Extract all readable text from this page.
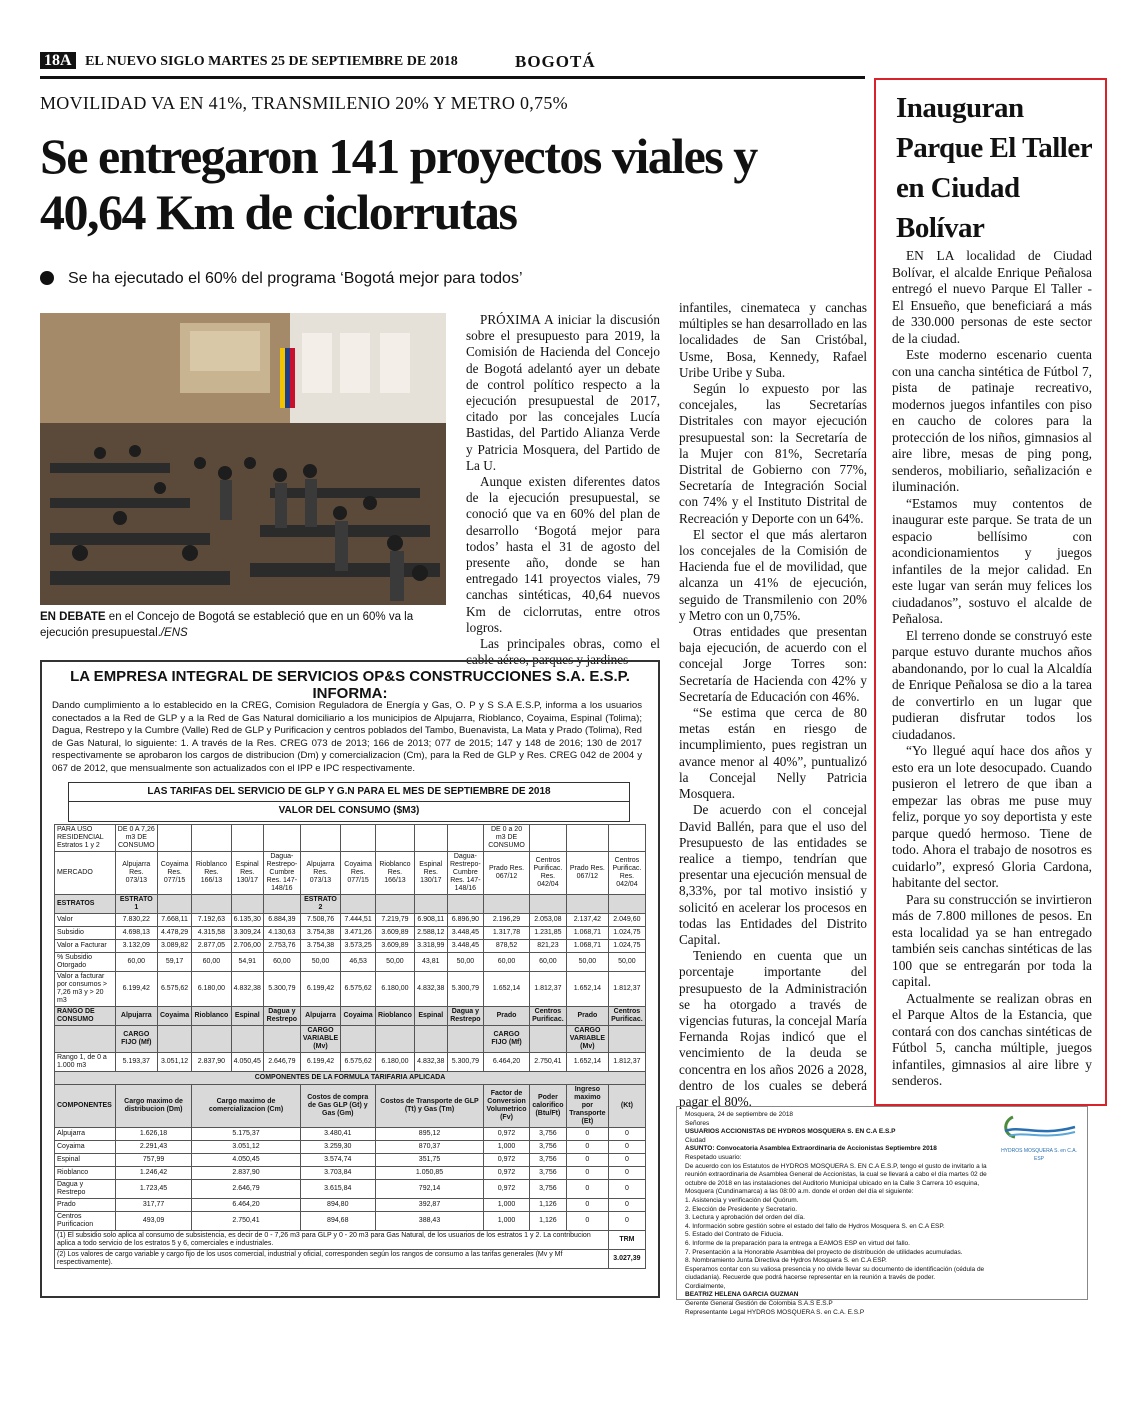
18A EL NUEVO SIGLO MARTES 25 DE SEPTIEMBRE DE 2018	BOGOTÁ
MOVILIDAD VA EN 41%, TRANSMILENIO 20% Y METRO 0,75%
Se entregaron 141 proyectos viales y 40,64 Km de ciclorrutas
Se ha ejecutado el 60% del programa ‘Bogotá mejor para todos’
EN DEBATE en el Concejo de Bogotá se estableció que en un 60% va la ejecución presupuestal./ENS

PRÓXIMA A iniciar la discusión sobre el presupuesto para 2019, la Comisión de Hacienda del Concejo de Bogotá adelantó ayer un debate de control político respecto a la ejecución presupuestal de 2017, citado por las concejales Lucía Bastidas, del Partido Alianza Verde y Patricia Mosquera, del Partido de La U.

Aunque existen diferentes datos de la ejecución presupuestal, se conoció que va en 60% del plan de desarrollo ‘Bogotá mejor para todos’ hasta el 31 de agosto del presente año, donde se han entregado 141 proyectos viales, 79 canchas sintéticas, 40,64 nuevos Km de ciclorrutas, entre otros logros.

Las principales obras, como el cable aéreo, parques y jardines

infantiles, cinemateca y canchas múltiples se han desarrollado en las localidades de San Cristóbal, Usme, Bosa, Kennedy, Rafael Uribe Uribe y Suba.

Según lo expuesto por las concejales, las Secretarías Distritales con mayor ejecución presupuestal son: la Secretaría de la Mujer con 81%, Secretaría Distrital de Gobierno con 77%, Secretaría de Integración Social con 74% y el Instituto Distrital de Recreación y Deporte con un 64%.

El sector el que más alertaron los concejales de la Comisión de Hacienda fue el de movilidad, que alcanza un 41% de ejecución, seguido de Transmilenio con 20% y Metro con un 0,75%.

Otras entidades que presentan baja ejecución, de acuerdo con el concejal Jorge Torres son: Secretaría de Hacienda con 42% y Secretaría de Educación con 46%.

“Se estima que cerca de 80 metas están en riesgo de incumplimiento, pues registran un avance menor al 40%”, puntualizó la Concejal Nelly Patricia Mosquera.

De acuerdo con el concejal David Ballén, para que el uso del Presupuesto de las entidades se realice a tiempo, tendrían que presentar una ejecución mensual de 8,33%, por tal motivo insistió y solicitó en acelerar los procesos en todas las Entidades del Distrito Capital.

Teniendo en cuenta que un porcentaje importante del presupuesto de la Administración se ha otorgado a través de vigencias futuras, la concejal María Fernanda Rojas indicó que el vencimiento de la deuda se concentra en los años 2026 a 2028, dentro de los cuales se deberá pagar el 80%.

Inauguran Parque El Taller en Ciudad Bolívar

EN LA localidad de Ciudad Bolívar, el alcalde Enrique Peñalosa entregó el nuevo Parque El Taller - El Ensueño, que beneficiará a más de 330.000 personas de este sector de la ciudad.

Este moderno escenario cuenta con una cancha sintética de Fútbol 7, pista de patinaje recreativo, modernos juegos infantiles con piso en caucho de colores para la protección de los niños, gimnasios al aire libre, mesas de ping pong, senderos, mobiliario, señalización e iluminación.

“Estamos muy contentos de inaugurar este parque. Se trata de un espacio bellísimo con acondicionamientos y juegos infantiles de la mejor calidad. En este lugar van serán muy felices los ciudadanos”, sostuvo el alcalde de Peñalosa.

El terreno donde se construyó este parque estuvo durante muchos años abandonando, por lo cual la Alcaldía de Enrique Peñalosa se dio a la tarea de convertirlo en un lugar que pudieran disfrutar todos los ciudadanos.

“Yo llegué aquí hace dos años y esto era un lote desocupado. Cuando pusieron el letrero de que iban a empezar las obras me puse muy feliz, porque yo soy deportista y este parque quedó hermoso. Tiene de todo. Ahora el trabajo de nosotros es cuidarlo”, expresó Gloria Cardona, habitante del sector.

Para su construcción se invirtieron más de 7.800 millones de pesos. En esta localidad ya se han entregado también seis canchas sintéticas de las 100 que se entregarán por toda la capital.

Actualmente se realizan obras en el Parque Altos de la Estancia, que contará con dos canchas sintéticas de Fútbol 5, cancha múltiple, juegos infantiles, gimnasios al aire libre y senderos.

LA EMPRESA INTEGRAL DE SERVICIOS OP&S CONSTRUCCIONES S.A. E.S.P. INFORMA:
Dando cumplimiento a lo establecido en la CREG, Comision Reguladora de Energía y Gas, O. P y S S.A E.S.P, informa a los usuarios conectados a la Red de GLP y a la Red de Gas Natural domiciliario a los municipios de Alpujarra, Rioblanco, Coyaima, Espinal (Tolima); Dagua, Restrepo y la Cumbre (Valle) Red de GLP y Purificacion y centros poblados del Tambo, Buenavista, La Mata y Prado (Tolima), Red de Gas Natural, lo siguiente: 1. A través de la Res. CREG 073 de 2013; 166 de 2013; 077 de 2015; 147 y 148 de 2016; 130 de 2017 respectivamente se aprobaron los cargos de distribucion (Dm) y comercializacion (Cm), para la Red de GLP y Res. CREG 042 de 2004 y 067 de 2012, que mensualmente son actualizados con el IPP e IPC respectivamente.
LAS TARIFAS DEL SERVICIO DE GLP Y G.N PARA EL MES DE SEPTIEMBRE DE 2018
VALOR DEL CONSUMO ($M3)
PARA USO RESIDENCIAL Estratos 1 y 2	DE 0 A 7,26 m3 DE CONSUMO										DE 0 a 20 m3 DE CONSUMO			
MERCADO	Alpujarra Res. 073/13	Coyaima Res. 077/15	Rioblanco Res. 166/13	Espinal Res. 130/17	Dagua-Restrepo-Cumbre Res. 147-148/16	Alpujarra Res. 073/13	Coyaima Res. 077/15	Rioblanco Res. 166/13	Espinal Res. 130/17	Dagua-Restrepo-Cumbre Res. 147-148/16	Prado Res. 067/12	Centros Purificac. Res. 042/04	Prado Res. 067/12	Centros Purificac. Res. 042/04
ESTRATOS	ESTRATO 1					ESTRATO 2								
Valor	7.830,22	7.668,11	7.192,63	6.135,30	6.884,39	7.508,76	7.444,51	7.219,79	6.908,11	6.896,90	2.196,29	2.053,08	2.137,42	2.049,60
Subsidio	4.698,13	4.478,29	4.315,58	3.309,24	4.130,63	3.754,38	3.471,26	3.609,89	2.588,12	3.448,45	1.317,78	1.231,85	1.068,71	1.024,75
Valor a Facturar	3.132,09	3.089,82	2.877,05	2.706,00	2.753,76	3.754,38	3.573,25	3.609,89	3.318,99	3.448,45	878,52	821,23	1.068,71	1.024,75
% Subsidio Otorgado	60,00	59,17	60,00	54,91	60,00	50,00	46,53	50,00	43,81	50,00	60,00	60,00	50,00	50,00
Valor a facturar por consumos > 7,26 m3 y > 20 m3	6.199,42	6.575,62	6.180,00	4.832,38	5.300,79	6.199,42	6.575,62	6.180,00	4.832,38	5.300,79	1.652,14	1.812,37	1.652,14	1.812,37
RANGO DE CONSUMO	Alpujarra	Coyaima	Rioblanco	Espinal	Dagua y Restrepo	Alpujarra	Coyaima	Rioblanco	Espinal	Dagua y Restrepo	Prado	Centros Purificac.	Prado	Centros Purificac.
	CARGO FIJO (Mf)					CARGO VARIABLE (Mv)					CARGO FIJO (Mf)		CARGO VARIABLE (Mv)	
Rango 1, de 0 a 1.000 m3	5.193,37	3.051,12	2.837,90	4.050,45	2.646,79	6.199,42	6.575,62	6.180,00	4.832,38	5.300,79	6.464,20	2.750,41	1.652,14	1.812,37
COMPONENTES DE LA FORMULA TARIFARIA APLICADA														
COMPONENTES	Cargo maximo de distribucion (Dm)		Cargo maximo de comercializacion (Cm)			Costos de compra de Gas GLP (Gt) y Gas (Gm)		Costos de Transporte de GLP (Tt) y Gas (Tm)			Factor de Conversion Volumetrico (Fv)	Poder calorifico (Btu/Ft)	Ingreso maximo por Transporte (Et)	(Kt)
Alpujarra	1.626,18		5.175,37			3.480,41		895,12			0,972	3,756	0	0
Coyaima	2.291,43		3.051,12			3.259,30		870,37			1,000	3,756	0	0
Espinal	757,99		4.050,45			3.574,74		351,75			0,972	3,756	0	0
Rioblanco	1.246,42		2.837,90			3.703,84		1.050,85			0,972	3,756	0	0
Dagua y Restrepo	1.723,45		2.646,79			3.615,84		792,14			0,972	3,756	0	0
Prado	317,77		6.464,20			894,80		392,87			1,000	1,126	0	0
Centros Purificacion	493,09		2.750,41			894,68		388,43			1,000	1,126	0	0
(1) El subsidio solo aplica al consumo de subsistencia, es decir de 0 - 7,26 m3 para GLP y 0 - 20 m3 para Gas Natural, de los usuarios de los estratos 1 y 2. La contribucion aplica a todo servicio de los estratos 5 y 6, comerciales e industriales.														TRM
(2) Los valores de cargo variable y cargo fijo de los usos comercial, industrial y oficial, corresponden según los rangos de consumo a las tarifas generales (Mv y Mf respectivamente).														3.027,39
Mosquera, 24 de septiembre de 2018
Señores
USUARIOS ACCIONISTAS DE HYDROS MOSQUERA S. EN C.A E.S.P
Ciudad
ASUNTO: Convocatoria Asamblea Extraordinaria de Accionistas Septiembre 2018
Respetado usuario:
De acuerdo con los Estatutos de HYDROS MOSQUERA S. EN C.A E.S.P, tengo el gusto de invitarlo a la reunión extraordinaria de Asamblea General de Accionistas, la cual se llevará a cabo el día martes 02 de octubre de 2018 en las instalaciones del Auditorio Municipal ubicado en la Calle 3 Carrera 10 esquina, Mosquera (Cundinamarca) a las 08:00 a.m. donde el orden del día el siguiente:
1. Asistencia y verificación del Quórum.
2. Elección de Presidente y Secretario.
3. Lectura y aprobación del orden del día.
4. Información sobre gestión sobre el estado del fallo de Hydros Mosquera S. en C.A ESP.
5. Estado del Contrato de Fiducia.
6. Informe de la preparación para la entrega a EAMOS ESP en virtud del fallo.
7. Presentación a la Honorable Asamblea del proyecto de distribución de utilidades acumuladas.
8. Nombramiento Junta Directiva de Hydros Mosquera S. en C.A ESP.
Esperamos contar con su valiosa presencia y no olvide llevar su documento de identificación (cédula de ciudadanía). Recuerde que podrá hacerse representar en la reunión a través de poder.
Cordialmente,
BEATRIZ HELENA GARCIA GUZMAN
Gerente General Gestión de Colombia S.A.S E.S.P
Representante Legal HYDROS MOSQUERA S. en C.A. E.S.P
HYDROS MOSQUERA S. en C.A. ESP
